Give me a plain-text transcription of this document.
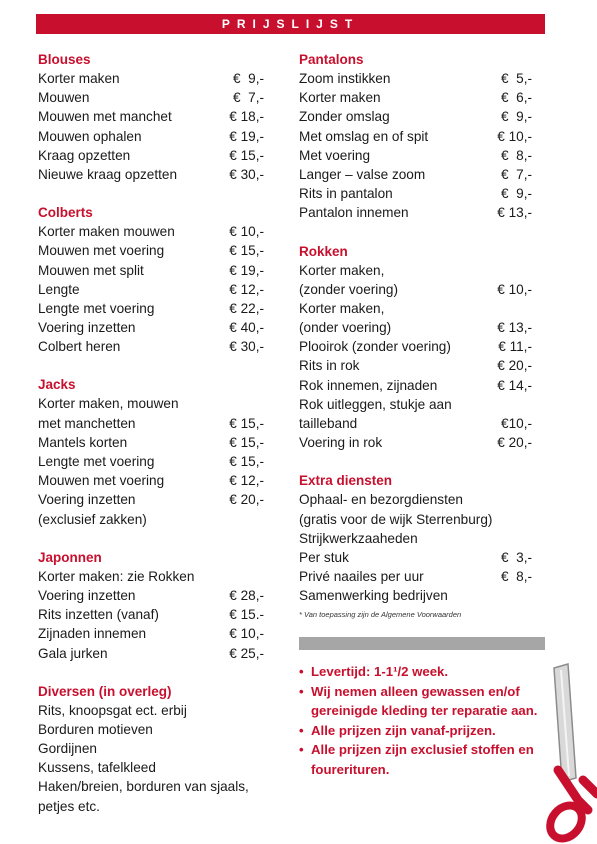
PRIJSLIJST
Blouses
Korter maken	€  9,-
Mouwen	€  7,-
Mouwen met manchet	€ 18,-
Mouwen ophalen	€ 19,-
Kraag opzetten	€ 15,-
Nieuwe kraag opzetten	€ 30,-
Colberts
Korter maken mouwen	€ 10,-
Mouwen met voering	€ 15,-
Mouwen met split	€ 19,-
Lengte	€ 12,-
Lengte met voering	€ 22,-
Voering inzetten	€ 40,-
Colbert heren	€ 30,-
Jacks
Korter maken, mouwen
met manchetten	€ 15,-
Mantels korten	€ 15,-
Lengte met voering	€ 15,-
Mouwen met voering	€ 12,-
Voering inzetten	€ 20,-
(exclusief zakken)
Japonnen
Korter maken: zie Rokken
Voering inzetten	€ 28,-
Rits inzetten (vanaf)	€ 15.-
Zijnaden innemen	€ 10,-
Gala jurken	€ 25,-
Diversen (in overleg)
Rits, knoopsgat ect. erbij
Borduren motieven
Gordijnen
Kussens, tafelkleed
Haken/breien, borduren van sjaals,
petjes etc.
Pantalons
Zoom instikken	€  5,-
Korter maken	€  6,-
Zonder omslag	€  9,-
Met omslag en of spit	€ 10,-
Met voering	€  8,-
Langer – valse zoom	€  7,-
Rits in pantalon	€  9,-
Pantalon innemen	€ 13,-
Rokken
Korter maken,
(zonder voering)	€ 10,-
Korter maken,
(onder voering)	€ 13,-
Plooirok (zonder voering)	€ 11,-
Rits in rok	€ 20,-
Rok innemen, zijnaden	€ 14,-
Rok uitleggen, stukje aan
tailleband	€10,-
Voering in rok	€ 20,-
Extra diensten
Ophaal- en bezorgdiensten
(gratis voor de wijk Sterrenburg)
Strijkwerkzaaheden
Per stuk	€  3,-
Privé naailes per uur	€  8,-
Samenwerking bedrijven
* Van toepassing zijn de Algemene Voorwaarden
• Levertijd: 1-1¹/2 week.
• Wij nemen alleen gewassen en/of gereinigde kleding ter reparatie aan.
• Alle prijzen zijn vanaf-prijzen.
• Alle prijzen zijn exclusief stoffen en fourerituren.
